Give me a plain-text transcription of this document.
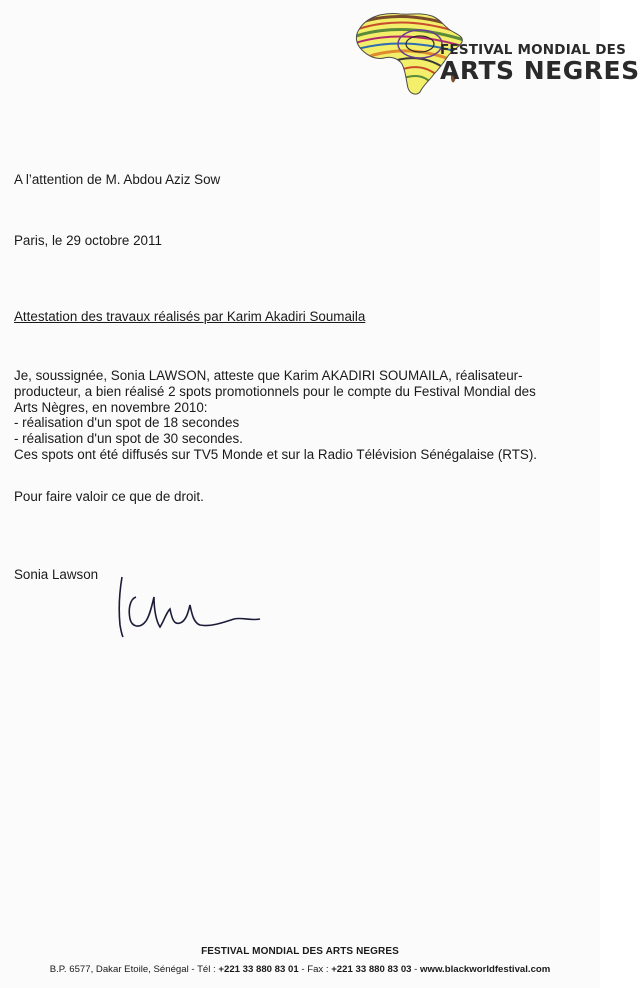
FESTIVAL MONDIAL DES
ARTS NEGRES
A l’attention de M. Abdou Aziz Sow
Paris, le 29 octobre 2011
Attestation des travaux réalisés par Karim Akadiri Soumaila
Je, soussignée, Sonia LAWSON, atteste que Karim AKADIRI SOUMAILA, réalisateur-
producteur, a bien réalisé 2 spots promotionnels pour le compte du Festival Mondial des
Arts Nègres, en novembre 2010:
- réalisation d'un spot de 18 secondes
- réalisation d'un spot de 30 secondes.
Ces spots ont été diffusés sur TV5 Monde et sur la Radio Télévision Sénégalaise (RTS).
Pour faire valoir ce que de droit.
Sonia Lawson
FESTIVAL MONDIAL DES ARTS NEGRES
B.P. 6577, Dakar Etoile, Sénégal - Tél : +221 33 880 83 01 - Fax : +221 33 880 83 03 - www.blackworldfestival.com
